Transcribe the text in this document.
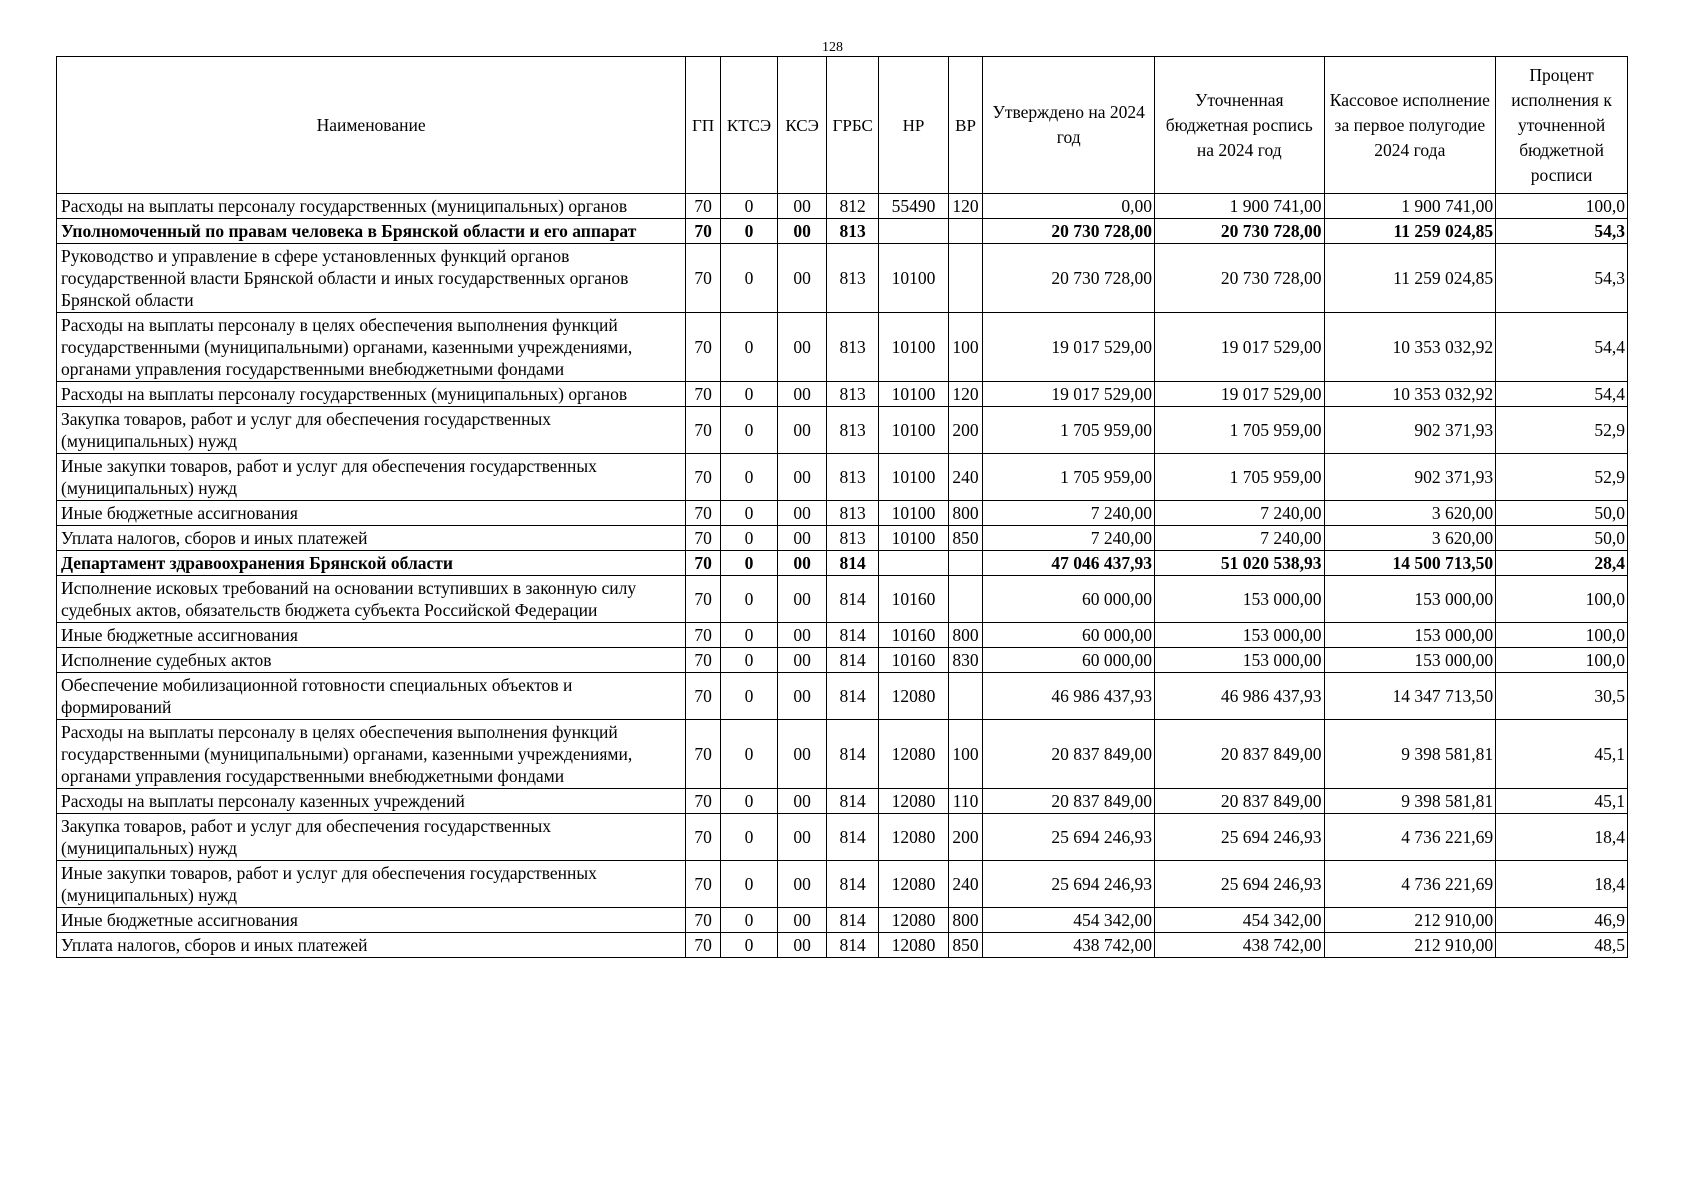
128
Наименование	ГП	КТСЭ	КСЭ	ГРБС	НР	ВР	Утверждено на 2024 год	Уточненная бюджетная роспись на 2024 год	Кассовое исполнение за первое полугодие 2024 года	Процент исполнения к уточненной бюджетной росписи
Расходы на выплаты персоналу государственных (муниципальных) органов	70	0	00	812	55490	120	0,00	1 900 741,00	1 900 741,00	100,0
Уполномоченный по правам человека в Брянской области и его аппарат	70	0	00	813			20 730 728,00	20 730 728,00	11 259 024,85	54,3
Руководство и управление в сфере установленных функций органов государственной власти Брянской области и иных государственных органов Брянской области	70	0	00	813	10100		20 730 728,00	20 730 728,00	11 259 024,85	54,3
Расходы на выплаты персоналу в целях обеспечения выполнения функций государственными (муниципальными) органами, казенными учреждениями, органами управления государственными внебюджетными фондами	70	0	00	813	10100	100	19 017 529,00	19 017 529,00	10 353 032,92	54,4
Расходы на выплаты персоналу государственных (муниципальных) органов	70	0	00	813	10100	120	19 017 529,00	19 017 529,00	10 353 032,92	54,4
Закупка товаров, работ и услуг для обеспечения государственных (муниципальных) нужд	70	0	00	813	10100	200	1 705 959,00	1 705 959,00	902 371,93	52,9
Иные закупки товаров, работ и услуг для обеспечения государственных (муниципальных) нужд	70	0	00	813	10100	240	1 705 959,00	1 705 959,00	902 371,93	52,9
Иные бюджетные ассигнования	70	0	00	813	10100	800	7 240,00	7 240,00	3 620,00	50,0
Уплата налогов, сборов и иных платежей	70	0	00	813	10100	850	7 240,00	7 240,00	3 620,00	50,0
Департамент здравоохранения Брянской области	70	0	00	814			47 046 437,93	51 020 538,93	14 500 713,50	28,4
Исполнение исковых требований на основании вступивших в законную силу судебных актов, обязательств бюджета субъекта Российской Федерации	70	0	00	814	10160		60 000,00	153 000,00	153 000,00	100,0
Иные бюджетные ассигнования	70	0	00	814	10160	800	60 000,00	153 000,00	153 000,00	100,0
Исполнение судебных актов	70	0	00	814	10160	830	60 000,00	153 000,00	153 000,00	100,0
Обеспечение мобилизационной готовности специальных объектов и формирований	70	0	00	814	12080		46 986 437,93	46 986 437,93	14 347 713,50	30,5
Расходы на выплаты персоналу в целях обеспечения выполнения функций государственными (муниципальными) органами, казенными учреждениями, органами управления государственными внебюджетными фондами	70	0	00	814	12080	100	20 837 849,00	20 837 849,00	9 398 581,81	45,1
Расходы на выплаты персоналу казенных учреждений	70	0	00	814	12080	110	20 837 849,00	20 837 849,00	9 398 581,81	45,1
Закупка товаров, работ и услуг для обеспечения государственных (муниципальных) нужд	70	0	00	814	12080	200	25 694 246,93	25 694 246,93	4 736 221,69	18,4
Иные закупки товаров, работ и услуг для обеспечения государственных (муниципальных) нужд	70	0	00	814	12080	240	25 694 246,93	25 694 246,93	4 736 221,69	18,4
Иные бюджетные ассигнования	70	0	00	814	12080	800	454 342,00	454 342,00	212 910,00	46,9
Уплата налогов, сборов и иных платежей	70	0	00	814	12080	850	438 742,00	438 742,00	212 910,00	48,5
